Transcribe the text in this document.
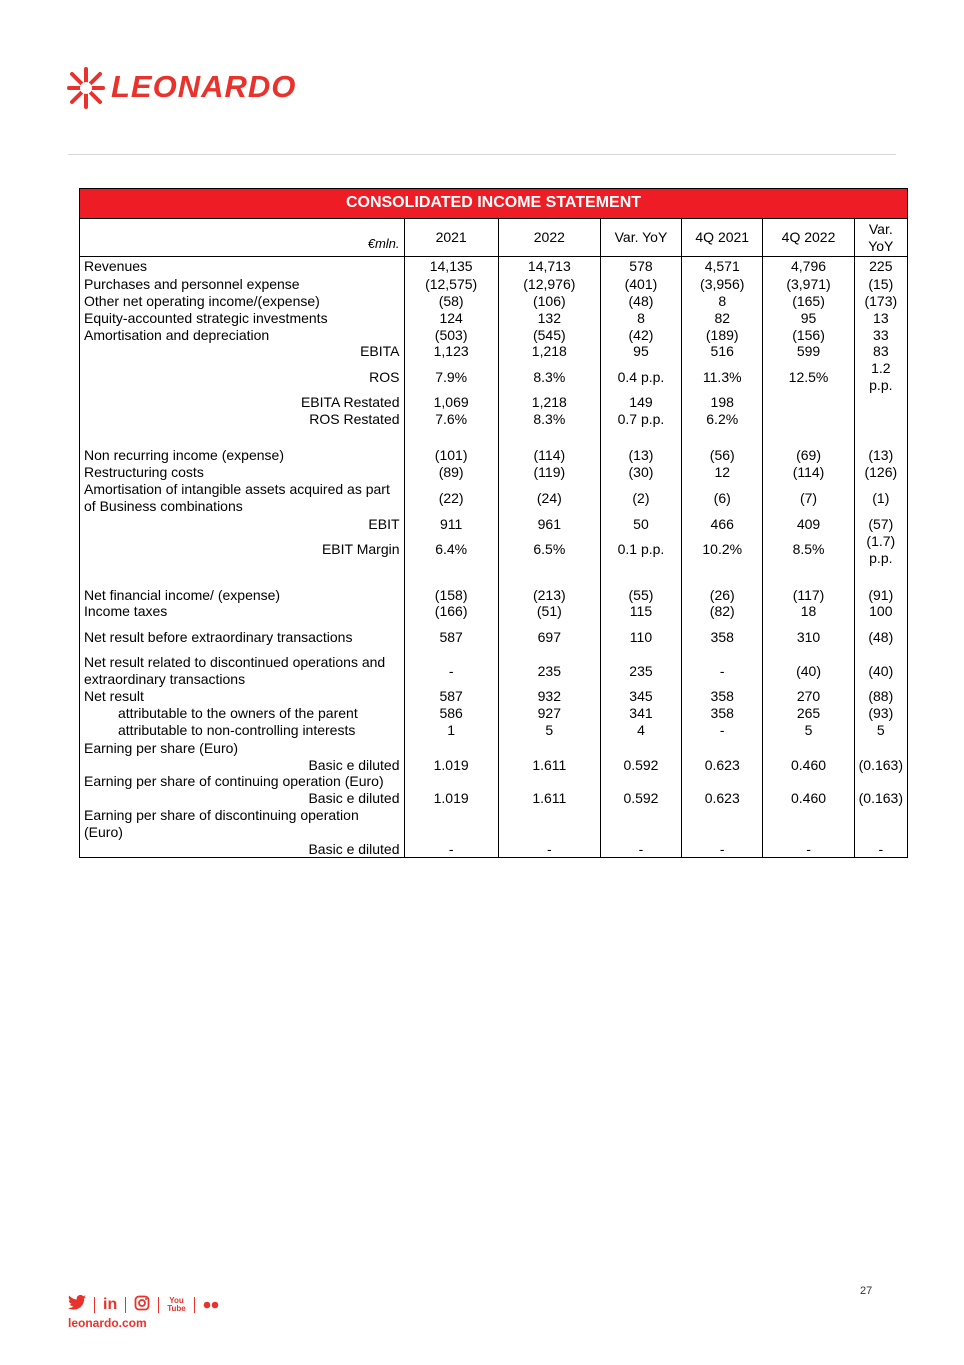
LEONARDO
CONSOLIDATED INCOME STATEMENT						
€mln.	2021	2022	Var. YoY	4Q 2021	4Q 2022	Var. YoY
Revenues	14,135	14,713	578	4,571	4,796	225
Purchases and personnel expense	(12,575)	(12,976)	(401)	(3,956)	(3,971)	(15)
Other net operating income/(expense)	(58)	(106)	(48)	8	(165)	(173)
Equity-accounted strategic investments	124	132	8	82	95	13
Amortisation and depreciation	(503)	(545)	(42)	(189)	(156)	33
EBITA	1,123	1,218	95	516	599	83
ROS	7.9%	8.3%	0.4 p.p.	11.3%	12.5%	1.2 p.p.
EBITA Restated	1,069	1,218	149	198		
ROS Restated	7.6%	8.3%	0.7 p.p.	6.2%		

Non recurring income (expense)	(101)	(114)	(13)	(56)	(69)	(13)
Restructuring costs	(89)	(119)	(30)	12	(114)	(126)
Amortisation of intangible assets acquired as part of Business combinations	(22)	(24)	(2)	(6)	(7)	(1)
EBIT	911	961	50	466	409	(57)
EBIT Margin	6.4%	6.5%	0.1 p.p.	10.2%	8.5%	(1.7) p.p.

Net financial income/ (expense)	(158)	(213)	(55)	(26)	(117)	(91)
Income taxes	(166)	(51)	115	(82)	18	100
Net result before extraordinary transactions	587	697	110	358	310	(48)
Net result related to discontinued operations and extraordinary transactions	-	235	235	-	(40)	(40)
Net result	587	932	345	358	270	(88)
attributable to the owners of the parent	586	927	341	358	265	(93)
attributable to non-controlling interests	1	5	4	-	5	5
Earning per share (Euro)						
Basic e diluted	1.019	1.611	0.592	0.623	0.460	(0.163)
Earning per share of continuing operation (Euro)						
Basic e diluted	1.019	1.611	0.592	0.623	0.460	(0.163)
Earning per share of discontinuing operation (Euro)						
Basic e diluted	-	-	-	-	-	-
27
in	You
Tube
leonardo.com
